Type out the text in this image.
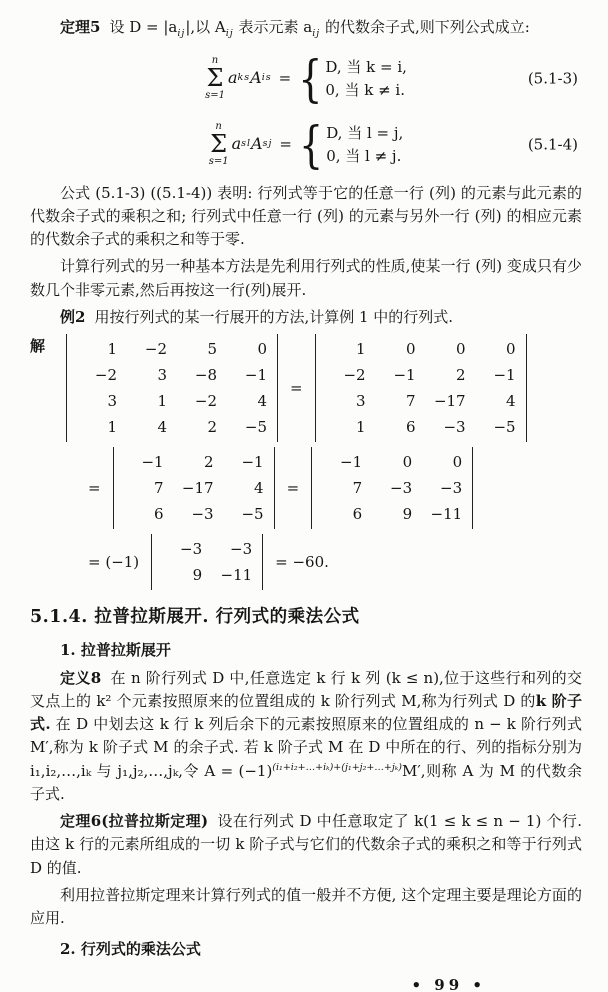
定理5 设 $D = |a_{ij}|$,以 $A_{ij}$ 表示元素 $a_{ij}$ 的代数余子式,则下列公式成立:

n
Σ
s=1
a ks A is = { D, 当 k = i,
0, 当 k ≠ i.
(5.1-3)
n
Σ
s=1
a sl A sj = { D, 当 l = j,
0, 当 l ≠ j.
(5.1-4)

公式 (5.1-3) ((5.1-4)) 表明: 行列式等于它的任意一行 (列) 的元素与此元素的代数余子式的乘积之和; 行列式中任意一行 (列) 的元素与另外一行 (列) 的相应元素的代数余子式的乘积之和等于零.

计算行列式的另一种基本方法是先利用行列式的性质,使某一行 (列) 变成只有少数几个非零元素,然后再按这一行(列)展开.

例2 用按行列式的某一行展开的方法,计算例 1 中的行列式.

解	1	−2	5	0
−2	3	−8	−1
3	1	−2	4
1	4	2	−5
=
1	0	0	0
−2	−1	2	−1
3	7	−17	4
1	6	−3	−5
=
−1	2	−1
7	−17	4
6	−3	−5
=
−1	0	0
7	−3	−3
6	9	−11
= (−1)
−3	−3
9	−11
= −60.
5.1.4. 拉普拉斯展开. 行列式的乘法公式
1. 拉普拉斯展开

定义8 在 n 阶行列式 D 中,任意选定 k 行 k 列 (k ≤ n),位于这些行和列的交叉点上的 k² 个元素按照原来的位置组成的 k 阶行列式 M,称为行列式 D 的k 阶子式. 在 D 中划去这 k 行 k 列后余下的元素按照原来的位置组成的 n − k 阶行列式 M′,称为 k 阶子式 M 的余子式. 若 k 阶子式 M 在 D 中所在的行、列的指标分别为 i₁,i₂,…,iₖ 与 j₁,j₂,…,jₖ,令 $A = (-1)^{(i_1+i_2+\dots+i_k)+(j_1+j_2+\dots+j_k)}M'$,则称 A 为 M 的代数余子式.

定理6(拉普拉斯定理) 设在行列式 D 中任意取定了 k(1 ≤ k ≤ n − 1) 个行. 由这 k 行的元素所组成的一切 k 阶子式与它们的代数余子式的乘积之和等于行列式 D 的值.

利用拉普拉斯定理来计算行列式的值一般并不方便, 这个定理主要是理论方面的应用.

2. 行列式的乘法公式
• 99 •
